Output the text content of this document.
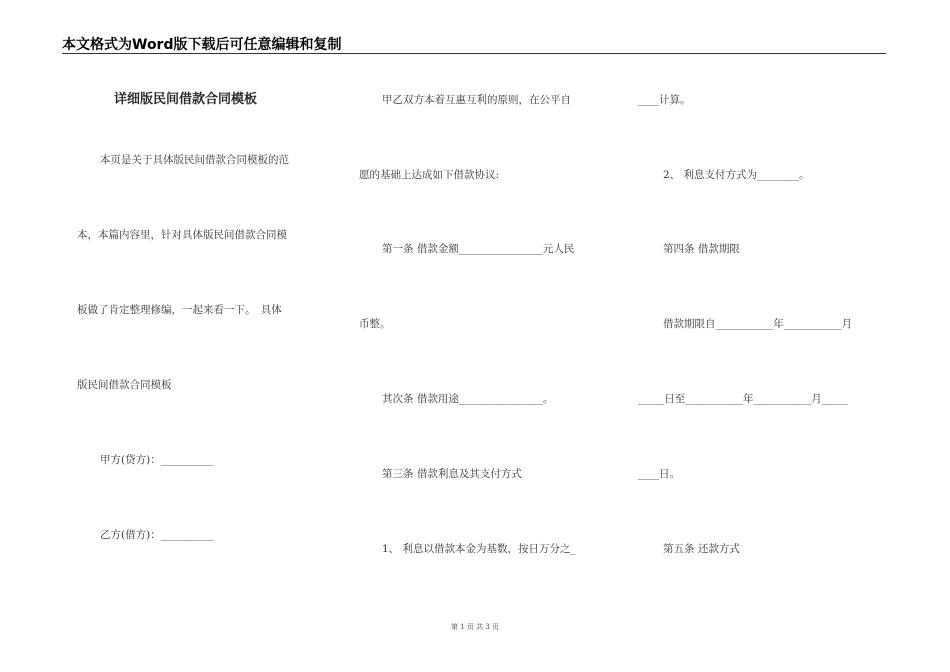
本文格式为Word版下载后可任意编辑和复制
详细版民间借款合同模板
本页是关于具体版民间借款合同模板的范
本，本篇内容里，针对具体版民间借款合同模
板做了肯定整理修编，一起来看一下。　具体
版民间借款合同模板
甲方(贷方)：__________
乙方(借方)：__________
甲乙双方本着互惠互利的原则，在公平自
愿的基础上达成如下借款协议:
第一条 借款金额________________元人民
币整。
其次条 借款用途________________。
第三条 借款利息及其支付方式
1、 利息以借款本金为基数，按日万分之_
____计算。
2、 利息支付方式为________。
第四条 借款期限
借款期限自___________年___________月
_____日至___________年___________月_____
____日。
第五条 还款方式
第 1 页 共 3 页
